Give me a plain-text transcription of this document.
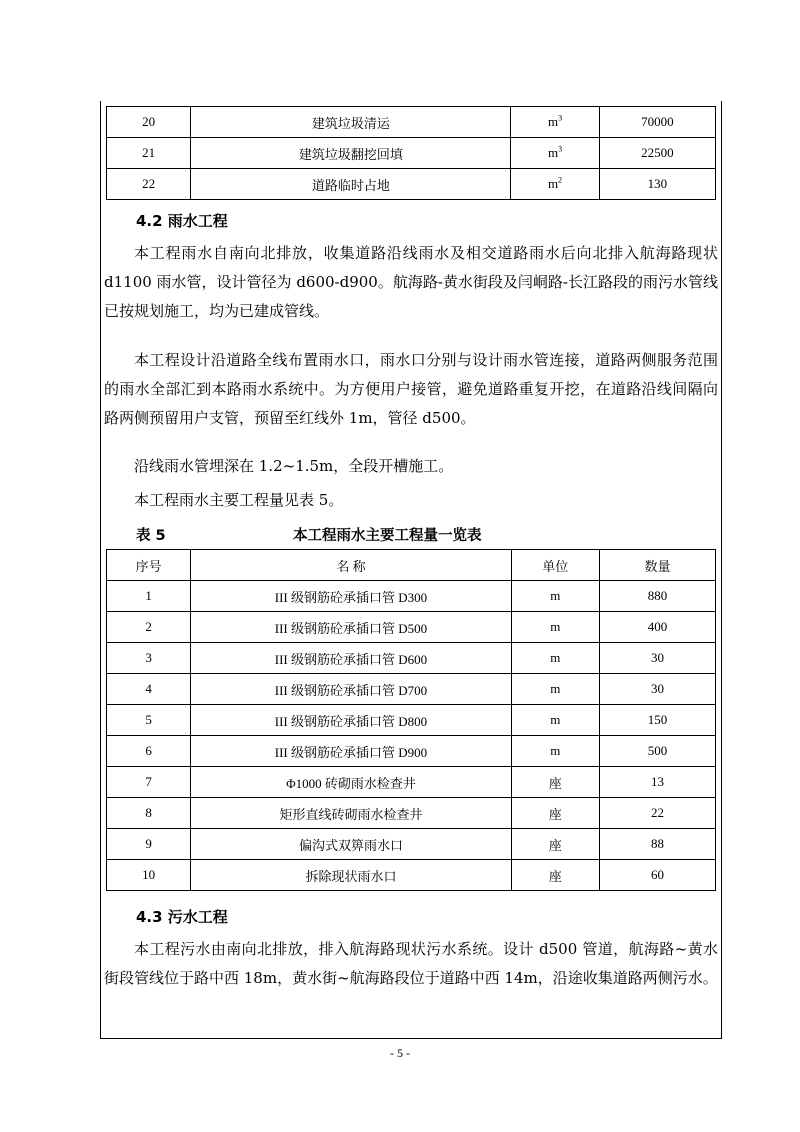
20	建筑垃圾清运	$m^3$	70000
21	建筑垃圾翻挖回填	$m^3$	22500
22	道路临时占地	$m^2$	130
4.2 雨水工程

本工程雨水自南向北排放，收集道路沿线雨水及相交道路雨水后向北排入航海路现状 d1100 雨水管，设计管径为 d600-d900。航海路-黄水街段及闫峒路-长江路段的雨污水管线已按规划施工，均为已建成管线。

本工程设计沿道路全线布置雨水口，雨水口分别与设计雨水管连接，道路两侧服务范围的雨水全部汇到本路雨水系统中。为方便用户接管，避免道路重复开挖，在道路沿线间隔向路两侧预留用户支管，预留至红线外 1m，管径 d500。

沿线雨水管埋深在 1.2~1.5m，全段开槽施工。

本工程雨水主要工程量见表 5。

表 5	本工程雨水主要工程量一览表
序号	名 称	单位	数量
1	III 级钢筋砼承插口管 D300	m	880
2	III 级钢筋砼承插口管 D500	m	400
3	III 级钢筋砼承插口管 D600	m	30
4	III 级钢筋砼承插口管 D700	m	30
5	III 级钢筋砼承插口管 D800	m	150
6	III 级钢筋砼承插口管 D900	m	500
7	Φ1000 砖砌雨水检查井	座	13
8	矩形直线砖砌雨水检查井	座	22
9	偏沟式双箅雨水口	座	88
10	拆除现状雨水口	座	60
4.3 污水工程

本工程污水由南向北排放，排入航海路现状污水系统。设计 d500 管道，航海路~黄水街段管线位于路中西 18m，黄水街~航海路段位于道路中西 14m，沿途收集道路两侧污水。

- 5 -
